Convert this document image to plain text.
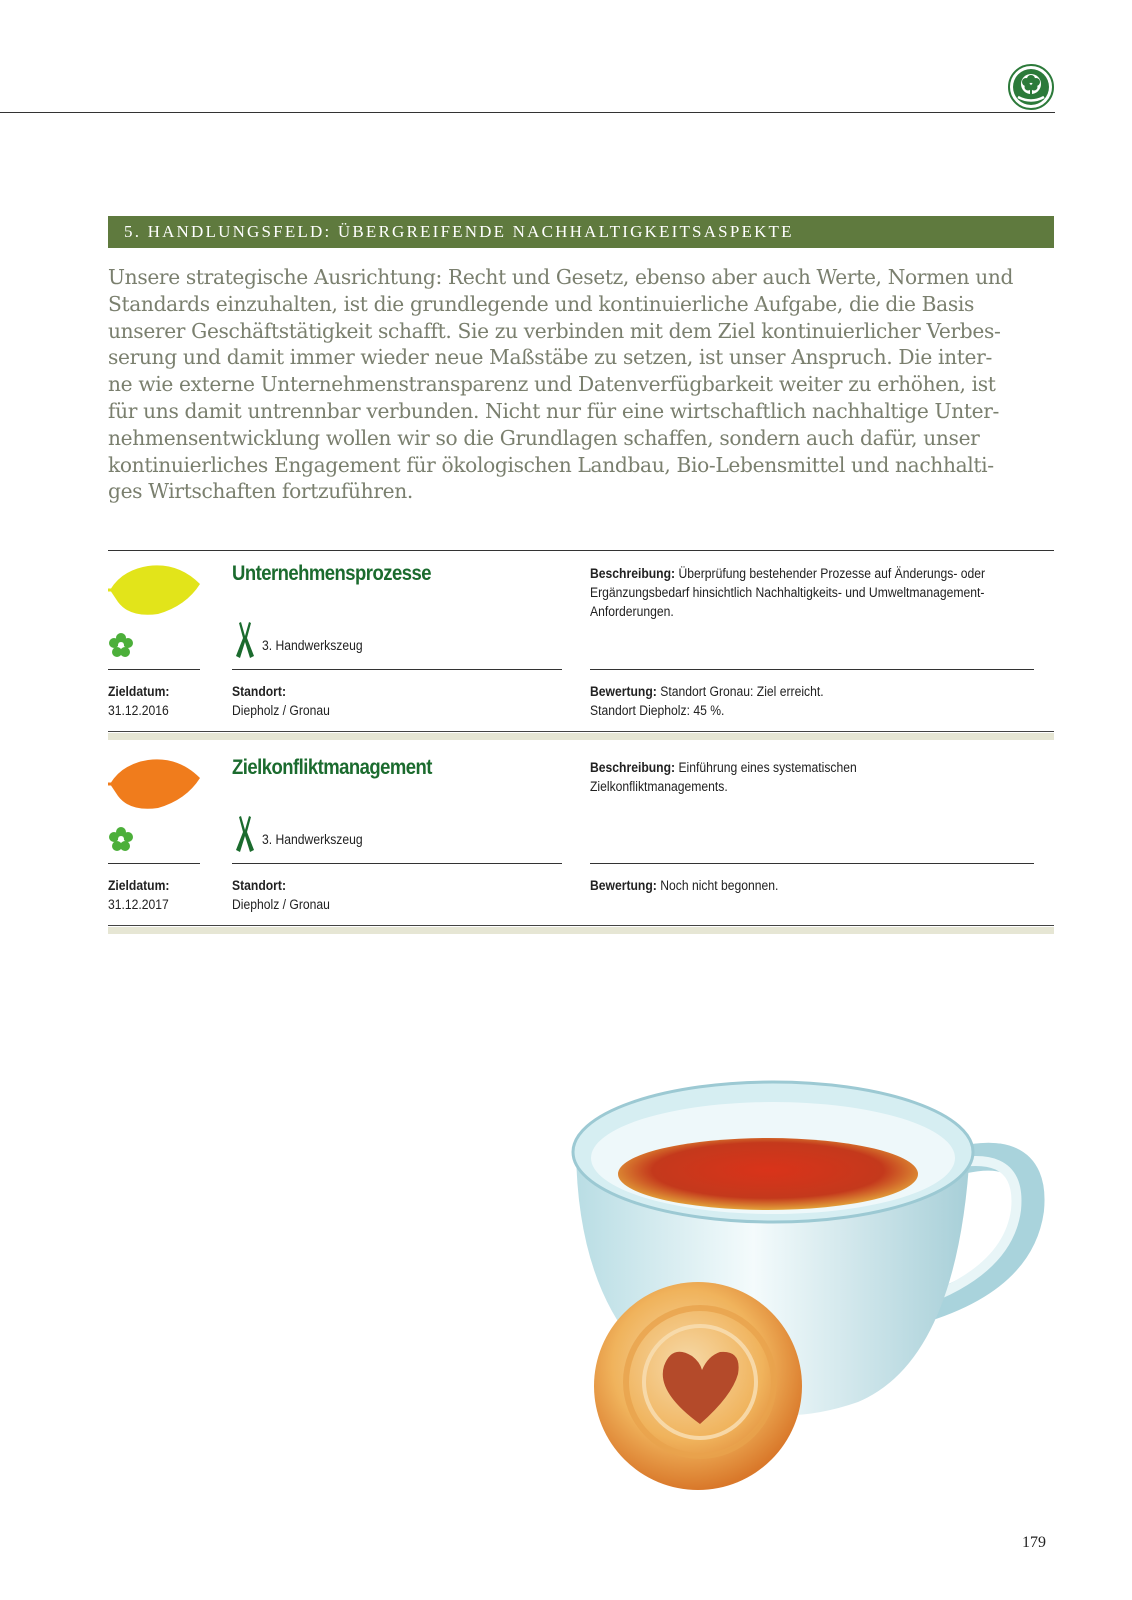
5. HANDLUNGSFELD: ÜBERGREIFENDE NACHHALTIGKEITSASPEKTE

Unsere strategische Ausrichtung: Recht und Gesetz, ebenso aber auch Werte, Normen und
Standards einzuhalten, ist die grundlegende und kontinuierliche Aufgabe, die die Basis
unserer Geschäftstätigkeit schafft. Sie zu verbinden mit dem Ziel kontinuierlicher Verbes-
serung und damit immer wieder neue Maßstäbe zu setzen, ist unser Anspruch. Die inter-
ne wie externe Unternehmenstransparenz und Datenverfügbarkeit weiter zu erhöhen, ist
für uns damit untrennbar verbunden. Nicht nur für eine wirtschaftlich nachhaltige Unter-
nehmensentwicklung wollen wir so die Grundlagen schaffen, sondern auch dafür, unser
kontinuierliches Engagement für ökologischen Landbau, Bio-Lebensmittel und nachhalti-
ges Wirtschaften fortzuführen.

Unternehmensprozesse
3. Handwerkszeug

Beschreibung: Überprüfung bestehender Prozesse auf Änderungs- oder
Ergänzungsbedarf hinsichtlich Nachhaltigkeits- und Umweltmanagement-
Anforderungen.

Zieldatum:
31.12.2016
Standort:
Diepholz / Gronau
Bewertung: Standort Gronau: Ziel erreicht.
Standort Diepholz: 45 %.
Zielkonfliktmanagement
3. Handwerkszeug

Beschreibung: Einführung eines systematischen Zielkonfliktmanagements.

Zieldatum:
31.12.2017
Standort:
Diepholz / Gronau
Bewertung: Noch nicht begonnen.
179
